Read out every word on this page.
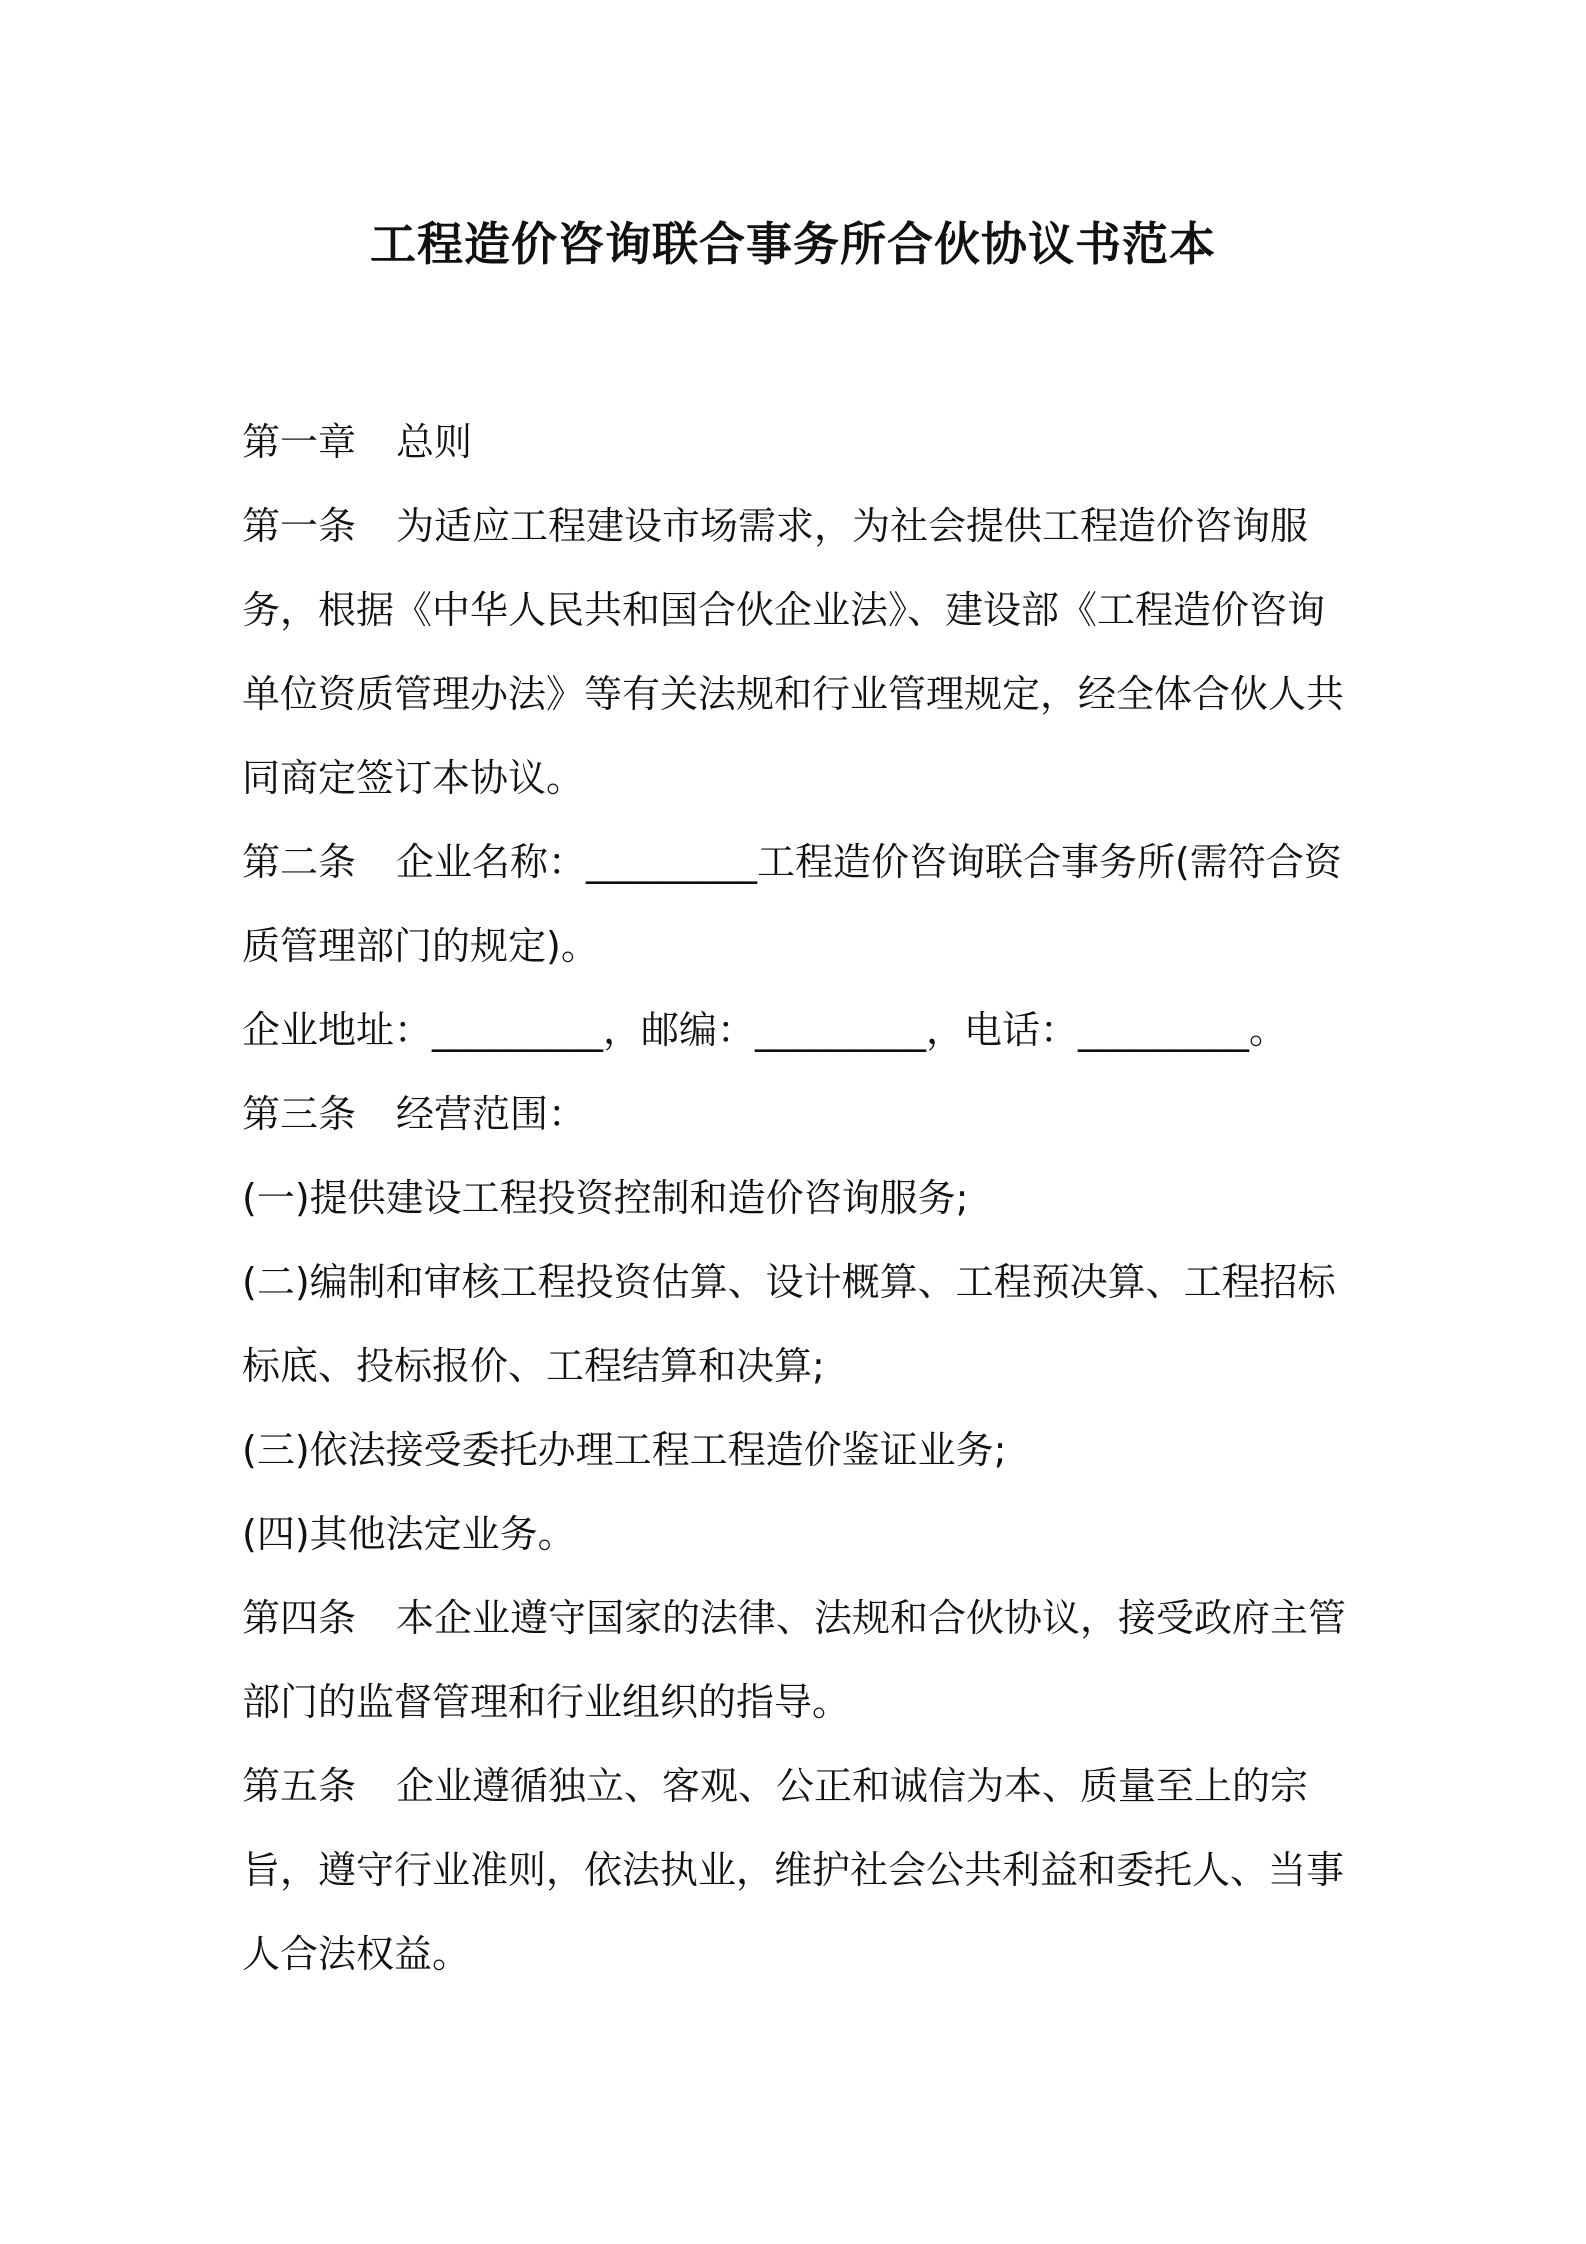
工程造价咨询联合事务所合伙协议书范本

第一章 总则

第一条 为适应工程建设市场需求，为社会提供工程造价咨询服务，根据《中华人民共和国合伙企业法》、建设部《工程造价咨询单位资质管理办法》等有关法规和行业管理规定，经全体合伙人共同商定签订本协议。

第二条 企业名称：_________工程造价咨询联合事务所(需符合资质管理部门的规定)。

企业地址：_________，邮编：_________，电话：_________。

第三条 经营范围：

(一)提供建设工程投资控制和造价咨询服务;

(二)编制和审核工程投资估算、设计概算、工程预决算、工程招标标底、投标报价、工程结算和决算;

(三)依法接受委托办理工程工程造价鉴证业务;

(四)其他法定业务。

第四条 本企业遵守国家的法律、法规和合伙协议，接受政府主管部门的监督管理和行业组织的指导。

第五条 企业遵循独立、客观、公正和诚信为本、质量至上的宗旨，遵守行业准则，依法执业，维护社会公共利益和委托人、当事人合法权益。
